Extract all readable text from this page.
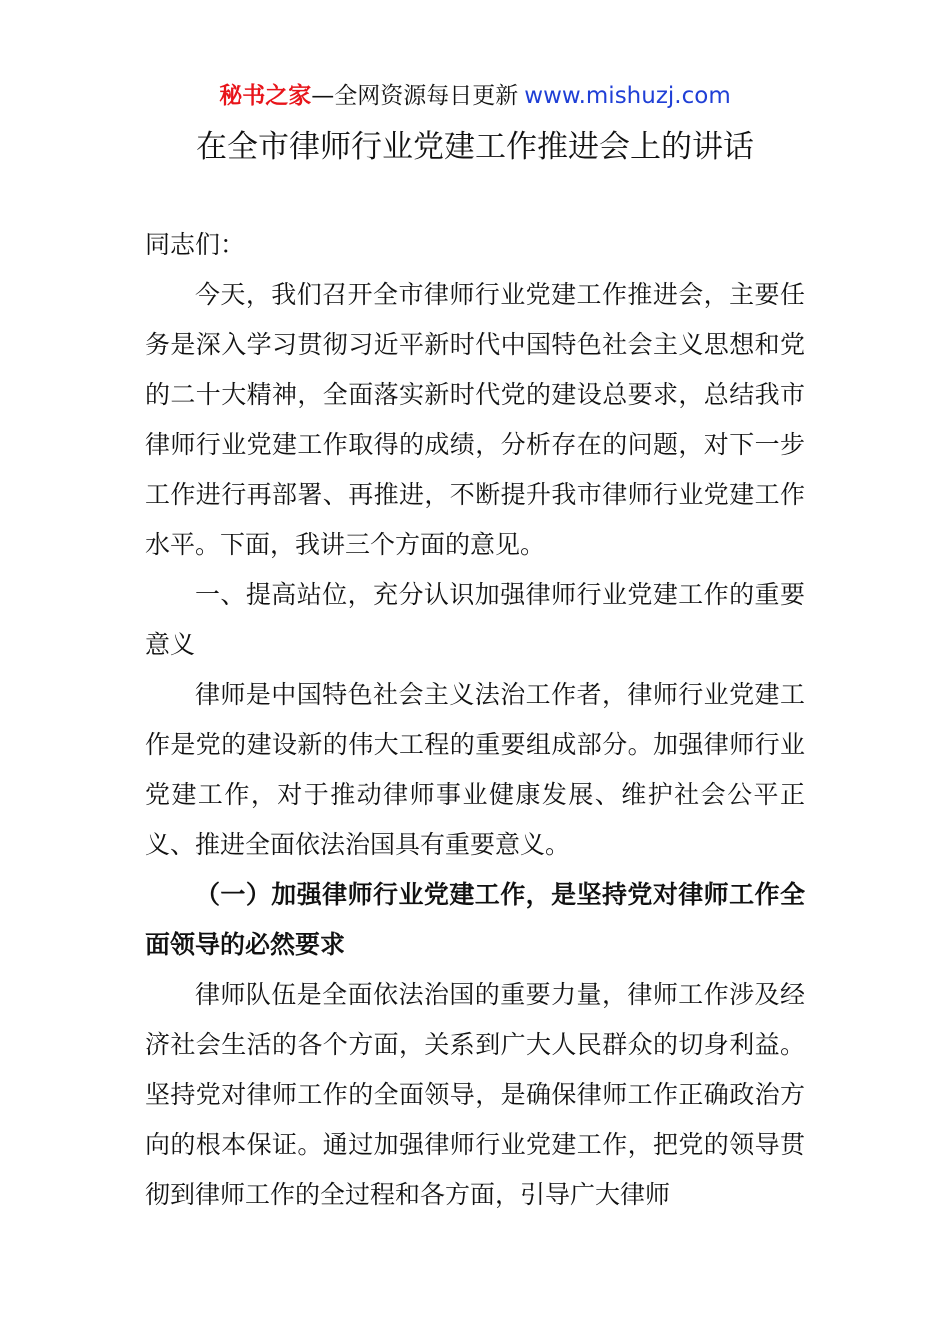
秘书之家—全网资源每日更新 www.mishuzj.com
在全市律师行业党建工作推进会上的讲话

同志们：

今天，我们召开全市律师行业党建工作推进会，主要任务是深入学习贯彻习近平新时代中国特色社会主义思想和党的二十大精神，全面落实新时代党的建设总要求，总结我市律师行业党建工作取得的成绩，分析存在的问题，对下一步工作进行再部署、再推进，不断提升我市律师行业党建工作水平。下面，我讲三个方面的意见。

一、提高站位，充分认识加强律师行业党建工作的重要意义

律师是中国特色社会主义法治工作者，律师行业党建工作是党的建设新的伟大工程的重要组成部分。加强律师行业党建工作，对于推动律师事业健康发展、维护社会公平正义、推进全面依法治国具有重要意义。

（一）加强律师行业党建工作，是坚持党对律师工作全面领导的必然要求

律师队伍是全面依法治国的重要力量，律师工作涉及经济社会生活的各个方面，关系到广大人民群众的切身利益。坚持党对律师工作的全面领导，是确保律师工作正确政治方向的根本保证。通过加强律师行业党建工作，把党的领导贯彻到律师工作的全过程和各方面，引导广大律师
